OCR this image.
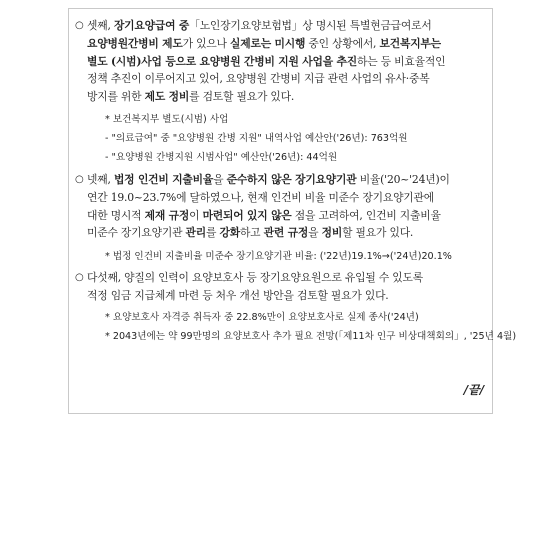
○ 셋째, 장기요양급여 중「노인장기요양보험법」상 명시된 특별현금급여로서
요양병원간병비 제도가 있으나 실제로는 미시행 중인 상황에서, 보건복지부는
별도 (시범)사업 등으로 요양병원 간병비 지원 사업을 추진하는 등 비효율적인
정책 추진이 이루어지고 있어, 요양병원 간병비 지급 관련 사업의 유사·중복
방지를 위한 제도 정비를 검토할 필요가 있다.
* 보건복지부 별도(시범) 사업
- "의료급여" 중 "요양병원 간병 지원" 내역사업 예산안('26년): 763억원
- "요양병원 간병지원 시범사업" 예산안('26년): 44억원
○ 넷째, 법정 인건비 지출비율을 준수하지 않은 장기요양기관 비율('20~'24년)이
연간 19.0~23.7%에 달하였으나, 현재 인건비 비율 미준수 장기요양기관에
대한 명시적 제재 규정이 마련되어 있지 않은 점을 고려하여, 인건비 지출비율
미준수 장기요양기관 관리를 강화하고 관련 규정을 정비할 필요가 있다.
* 법정 인건비 지출비율 미준수 장기요양기관 비율: ('22년)19.1%→('24년)20.1%
○ 다섯째, 양질의 인력이 요양보호사 등 장기요양요원으로 유입될 수 있도록
적정 임금 지급체계 마련 등 처우 개선 방안을 검토할 필요가 있다.
* 요양보호사 자격증 취득자 중 22.8%만이 요양보호사로 실제 종사('24년)
* 2043년에는 약 99만명의 요양보호사 추가 필요 전망(「제11차 인구 비상대책회의」, '25년 4월)
/끝/
